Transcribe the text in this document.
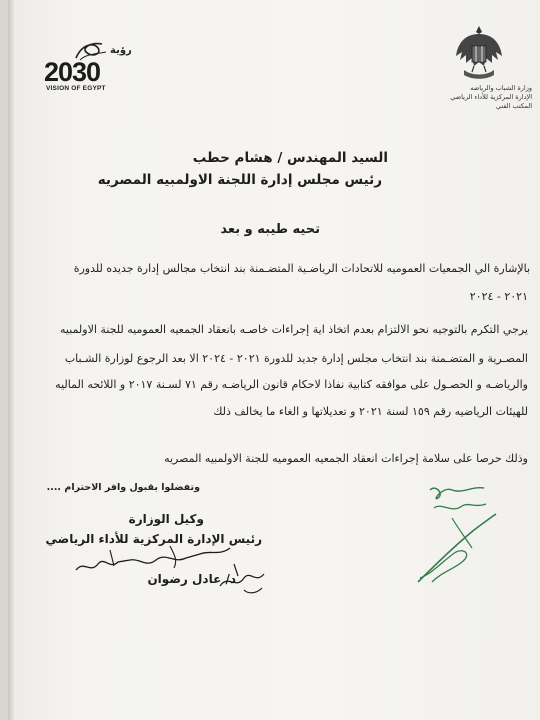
رؤية
20‎30
VISION OF EGYPT	وزارة الشباب والرياضه
الإدارة المركزية للأداء الرياضي
المكتب الفني
السيد المهندس / هشام حطب
رئيس مجلس إدارة اللجنة الاولمبيه المصريه
تحيه طيبه و بعد
بالإشارة الي الجمعيات العموميه للاتحادات الرياضـية المتضـمنة بند انتخاب مجالس إدارة جديده للدورة
٢٠٢١ - ٢٠٢٤
يرجي التكرم بالتوجيه نحو الالتزام بعدم اتخاذ اية إجراءات خاصـه بانعقاد الجمعيه العموميه للجنة الاولمبيه
المصـرية و المتضـمنة بند انتخاب مجلس إدارة جديد للدورة ٢٠٢١ - ٢٠٢٤ الا بعد الرجوع لوزارة الشـباب
والرياضـه و الحصـول على موافقه كتابية نفاذا لاحكام قانون الرياضـه رقم ٧١ لسـنة ٢٠١٧ و اللائحه الماليه
للهيئات الرياضيه رقم ١٥٩ لسنة ٢٠٢١ و تعديلاتها و الغاء ما يخالف ذلك
وذلك حرصا على سلامة إجراءات انعقاد الجمعيه العموميه للجنة الاولمبيه المصريه
وتفضلوا بقبول وافر الاحترام ....
وكيل الوزارة
رئيس الإدارة المركزية للأداء الرياضي
د/ عادل رضوان
